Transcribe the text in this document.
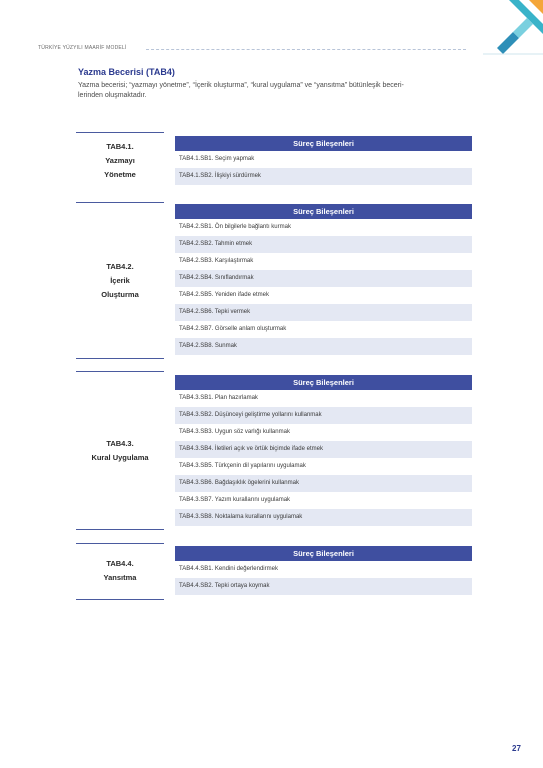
TÜRKİYE YÜZYILI MAARİF MODELİ
Yazma Becerisi (TAB4)
Yazma becerisi; “yazmayı yönetme”, “İçerik oluşturma”, “kural uygulama” ve “yansıtma” bütünleşik beceri-
lerinden oluşmaktadır.
TAB4.1.
Yazmayı
Yönetme
Süreç Bileşenleri
TAB4.1.SB1. Seçim yapmak
TAB4.1.SB2. İlişkiyi sürdürmek
TAB4.2.
İçerik
Oluşturma
Süreç Bileşenleri
TAB4.2.SB1. Ön bilgilerle bağlantı kurmak
TAB4.2.SB2. Tahmin etmek
TAB4.2.SB3. Karşılaştırmak
TAB4.2.SB4. Sınıflandırmak
TAB4.2.SB5. Yeniden ifade etmek
TAB4.2.SB6. Tepki vermek
TAB4.2.SB7. Görselle anlam oluşturmak
TAB4.2.SB8. Sunmak
TAB4.3.
Kural Uygulama
Süreç Bileşenleri
TAB4.3.SB1. Plan hazırlamak
TAB4.3.SB2. Düşünceyi geliştirme yollarını kullanmak
TAB4.3.SB3. Uygun söz varlığı kullanmak
TAB4.3.SB4. İletileri açık ve örtük biçimde ifade etmek
TAB4.3.SB5. Türkçenin dil yapılarını uygulamak
TAB4.3.SB6. Bağdaşıklık ögelerini kullanmak
TAB4.3.SB7. Yazım kurallarını uygulamak
TAB4.3.SB8. Noktalama kurallarını uygulamak
TAB4.4.
Yansıtma
Süreç Bileşenleri
TAB4.4.SB1. Kendini değerlendirmek
TAB4.4.SB2. Tepki ortaya koymak
27
